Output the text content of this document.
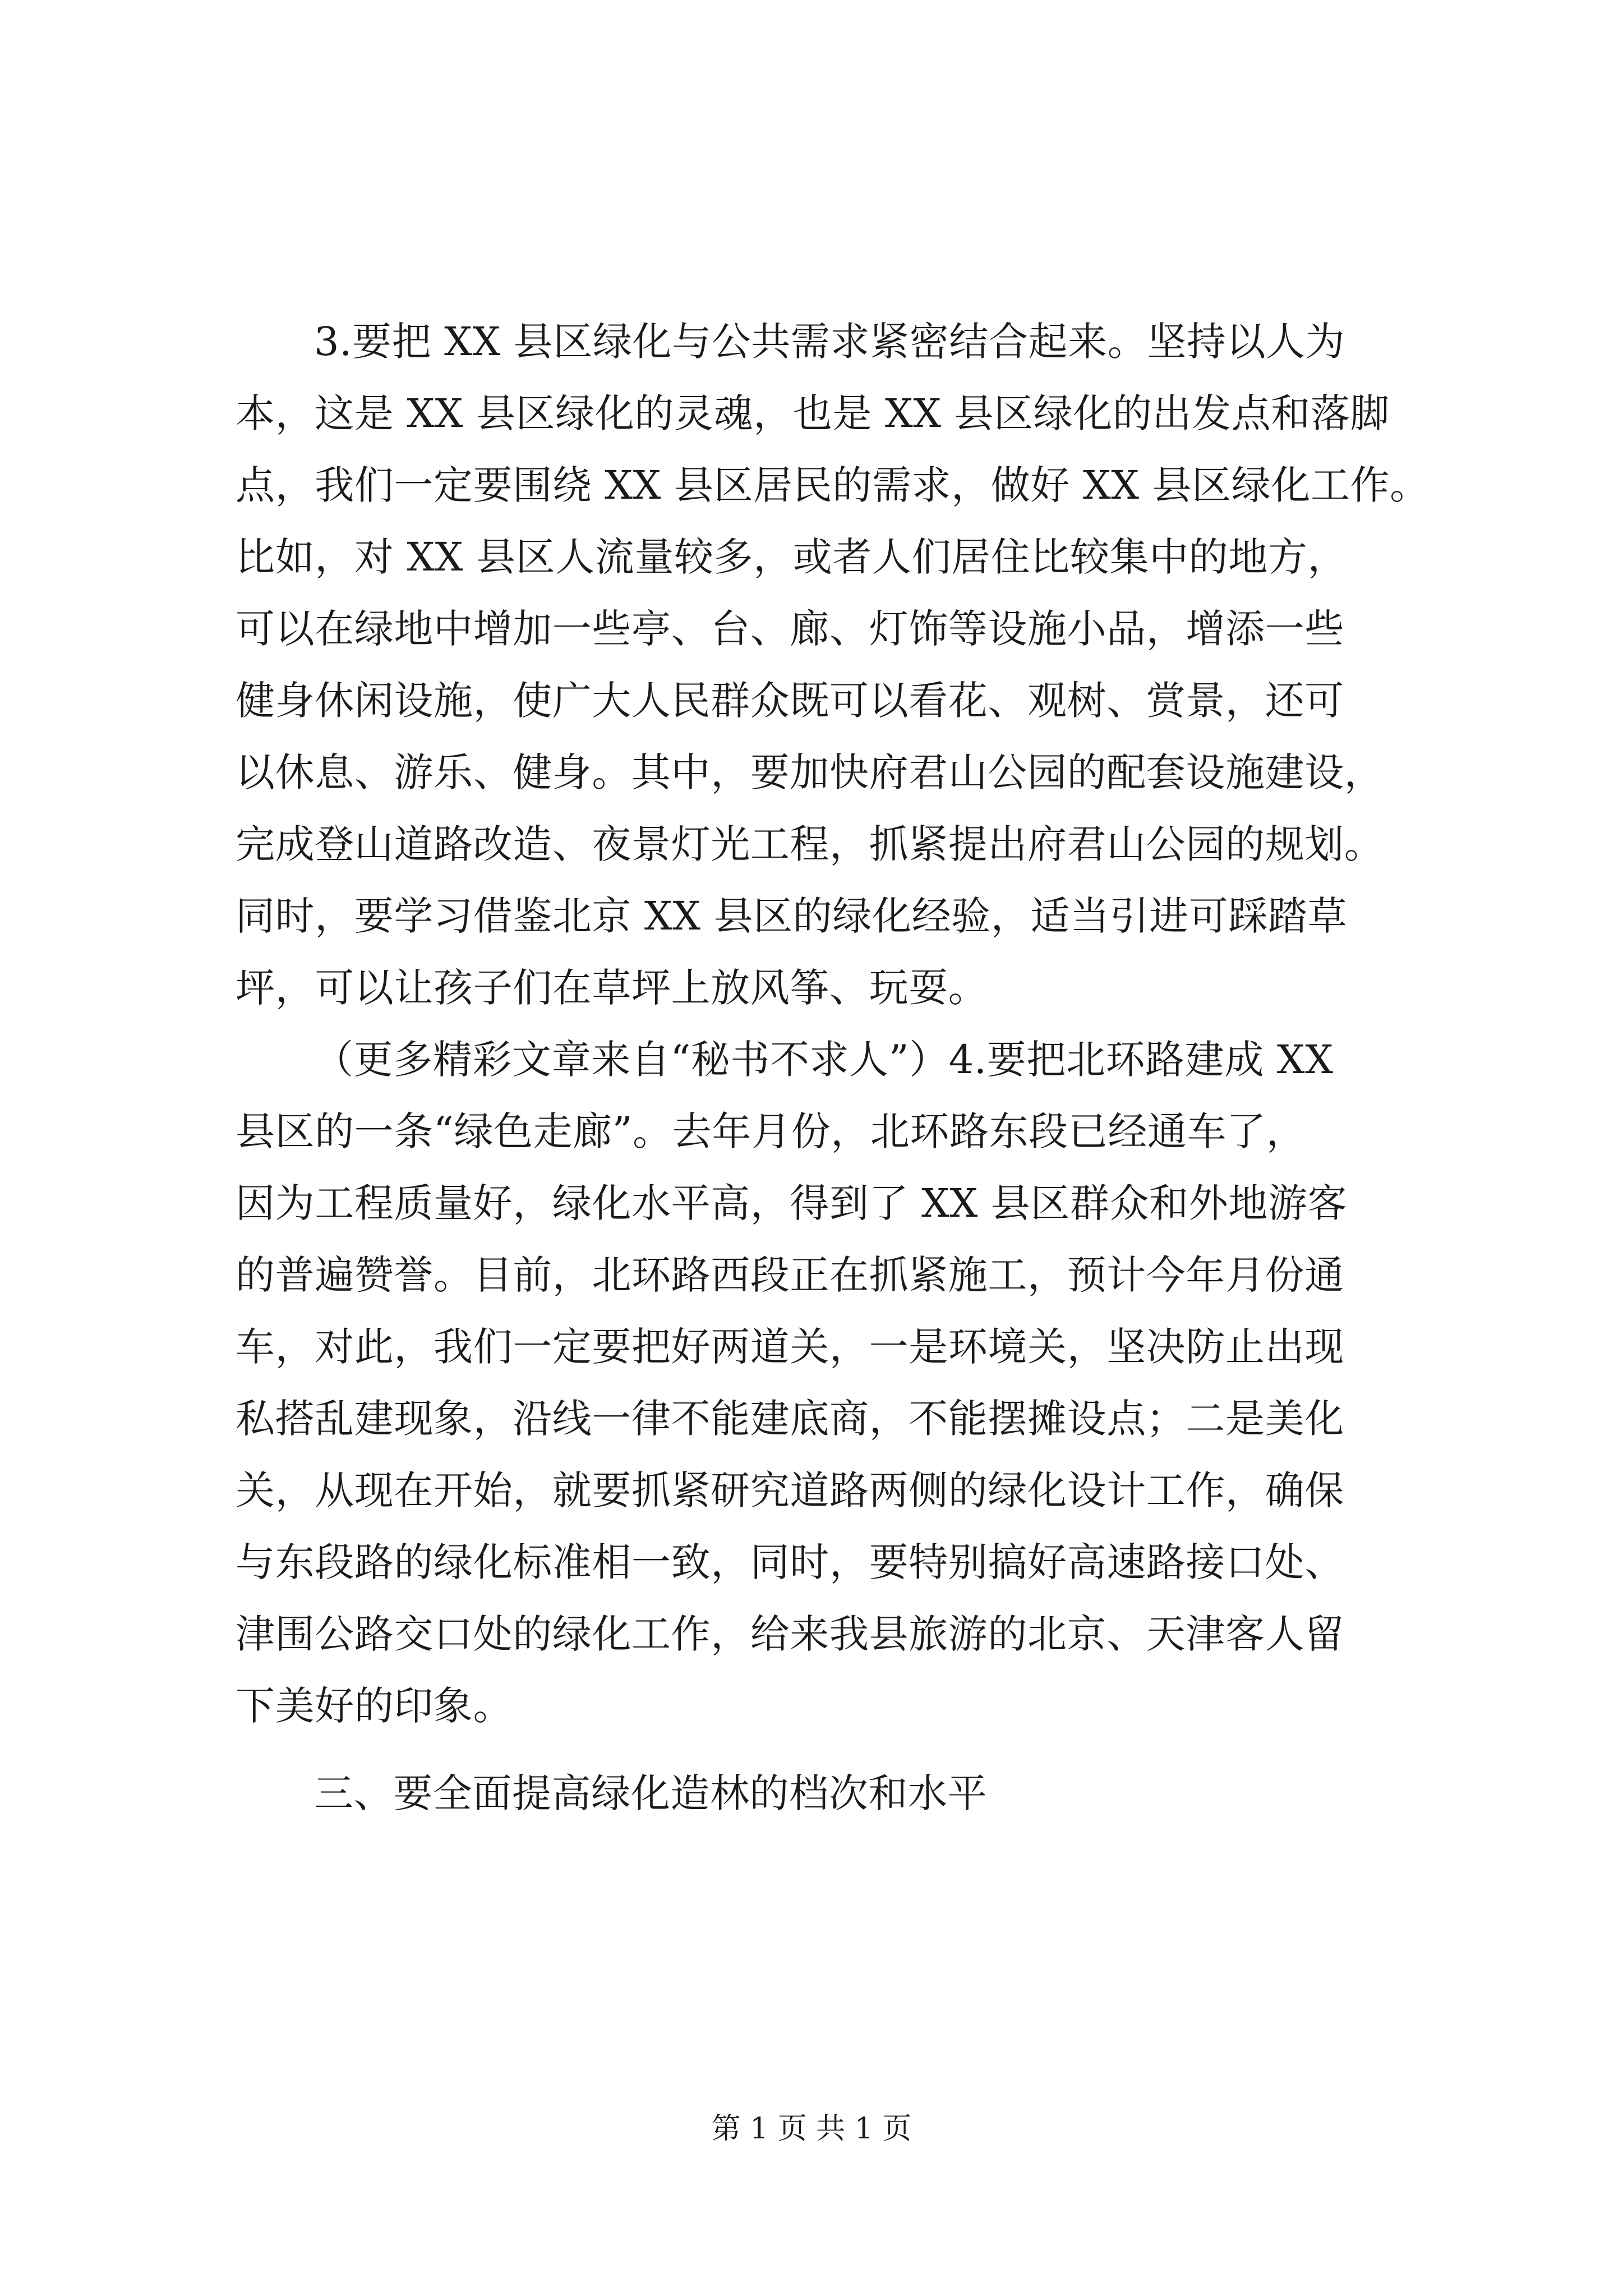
3.要把 XX 县区绿化与公共需求紧密结合起来。坚持以人为
本，这是 XX 县区绿化的灵魂，也是 XX 县区绿化的出发点和落脚
点，我们一定要围绕 XX 县区居民的需求，做好 XX 县区绿化工作。
比如，对 XX 县区人流量较多，或者人们居住比较集中的地方，
可以在绿地中增加一些亭、台、廊、灯饰等设施小品，增添一些
健身休闲设施，使广大人民群众既可以看花、观树、赏景，还可
以休息、游乐、健身。其中，要加快府君山公园的配套设施建设，
完成登山道路改造、夜景灯光工程，抓紧提出府君山公园的规划。
同时，要学习借鉴北京 XX 县区的绿化经验，适当引进可踩踏草
坪，可以让孩子们在草坪上放风筝、玩耍。
（更多精彩文章来自“秘书不求人”）4.要把北环路建成 XX
县区的一条“绿色走廊”。去年月份，北环路东段已经通车了，
因为工程质量好，绿化水平高，得到了 XX 县区群众和外地游客
的普遍赞誉。目前，北环路西段正在抓紧施工，预计今年月份通
车，对此，我们一定要把好两道关，一是环境关，坚决防止出现
私搭乱建现象，沿线一律不能建底商，不能摆摊设点；二是美化
关，从现在开始，就要抓紧研究道路两侧的绿化设计工作，确保
与东段路的绿化标准相一致，同时，要特别搞好高速路接口处、
津围公路交口处的绿化工作，给来我县旅游的北京、天津客人留
下美好的印象。
三、要全面提高绿化造林的档次和水平
第 1 页 共 1 页
